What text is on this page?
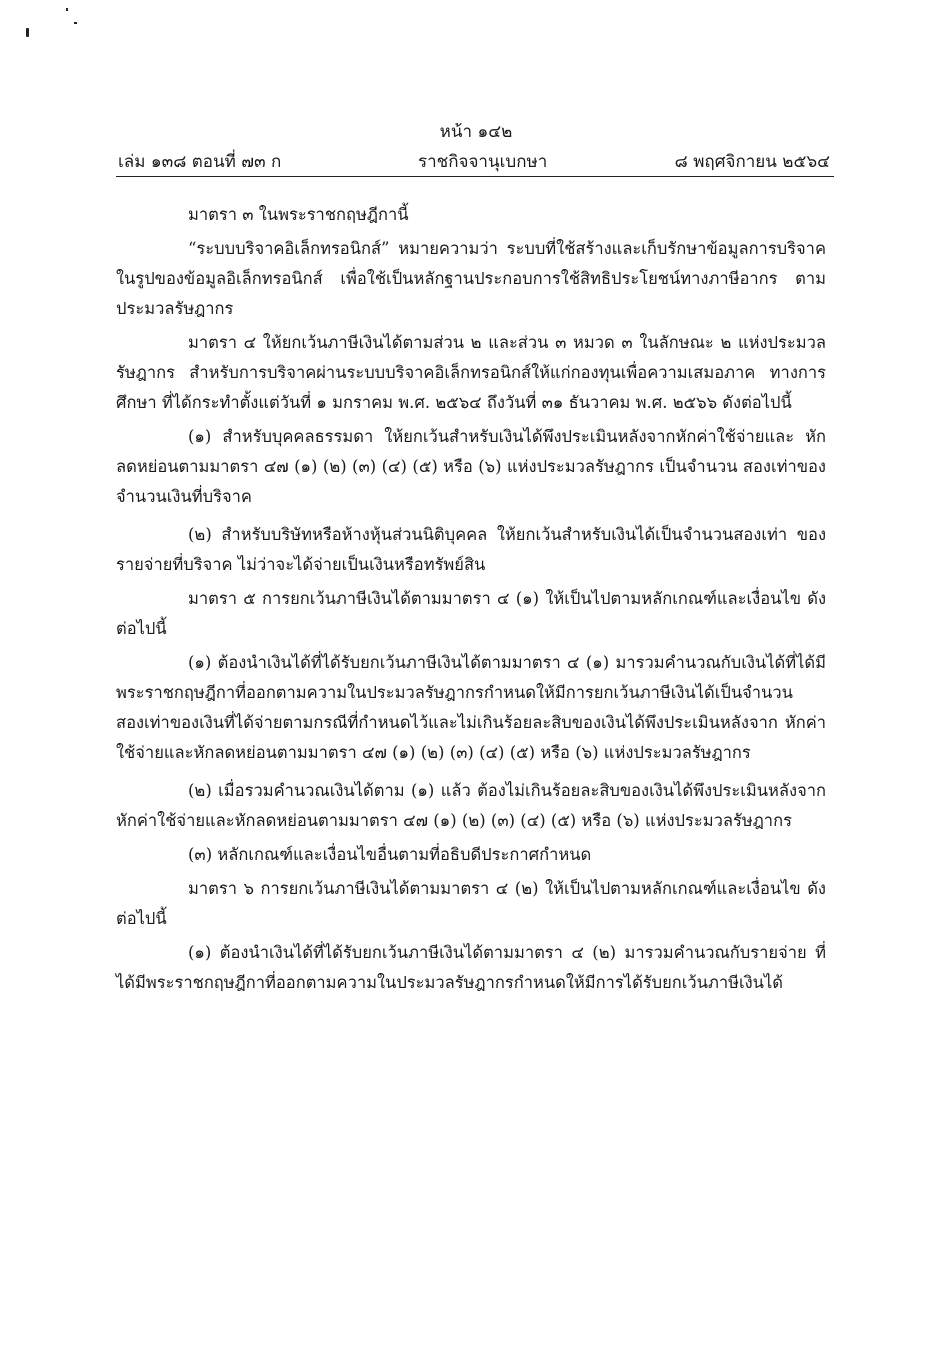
หน้า ๑๔๒
เล่ม ๑๓๘ ตอนที่ ๗๓ ก	ราชกิจจานุเบกษา	๘ พฤศจิกายน ๒๕๖๔

มาตรา ๓ ในพระราชกฤษฎีกานี้

“ระบบบริจาคอิเล็กทรอนิกส์” หมายความว่า ระบบที่ใช้สร้างและเก็บรักษาข้อมูลการบริจาค ในรูปของข้อมูลอิเล็กทรอนิกส์ เพื่อใช้เป็นหลักฐานประกอบการใช้สิทธิประโยชน์ทางภาษีอากร ตามประมวลรัษฎากร

มาตรา ๔ ให้ยกเว้นภาษีเงินได้ตามส่วน ๒ และส่วน ๓ หมวด ๓ ในลักษณะ ๒ แห่งประมวลรัษฎากร สำหรับการบริจาคผ่านระบบบริจาคอิเล็กทรอนิกส์ให้แก่กองทุนเพื่อความเสมอภาค ทางการศึกษา ที่ได้กระทำตั้งแต่วันที่ ๑ มกราคม พ.ศ. ๒๕๖๔ ถึงวันที่ ๓๑ ธันวาคม พ.ศ. ๒๕๖๖ ดังต่อไปนี้

(๑) สำหรับบุคคลธรรมดา ให้ยกเว้นสำหรับเงินได้พึงประเมินหลังจากหักค่าใช้จ่ายและ หักลดหย่อนตามมาตรา ๔๗ (๑) (๒) (๓) (๔) (๕) หรือ (๖) แห่งประมวลรัษฎากร เป็นจำนวน สองเท่าของจำนวนเงินที่บริจาค

(๒) สำหรับบริษัทหรือห้างหุ้นส่วนนิติบุคคล ให้ยกเว้นสำหรับเงินได้เป็นจำนวนสองเท่า ของรายจ่ายที่บริจาค ไม่ว่าจะได้จ่ายเป็นเงินหรือทรัพย์สิน

มาตรา ๕ การยกเว้นภาษีเงินได้ตามมาตรา ๔ (๑) ให้เป็นไปตามหลักเกณฑ์และเงื่อนไข ดังต่อไปนี้

(๑) ต้องนำเงินได้ที่ได้รับยกเว้นภาษีเงินได้ตามมาตรา ๔ (๑) มารวมคำนวณกับเงินได้ที่ได้มี พระราชกฤษฎีกาที่ออกตามความในประมวลรัษฎากรกำหนดให้มีการยกเว้นภาษีเงินได้เป็นจำนวน สองเท่าของเงินที่ได้จ่ายตามกรณีที่กำหนดไว้และไม่เกินร้อยละสิบของเงินได้พึงประเมินหลังจาก หักค่าใช้จ่ายและหักลดหย่อนตามมาตรา ๔๗ (๑) (๒) (๓) (๔) (๕) หรือ (๖) แห่งประมวลรัษฎากร

(๒) เมื่อรวมคำนวณเงินได้ตาม (๑) แล้ว ต้องไม่เกินร้อยละสิบของเงินได้พึงประเมินหลังจาก หักค่าใช้จ่ายและหักลดหย่อนตามมาตรา ๔๗ (๑) (๒) (๓) (๔) (๕) หรือ (๖) แห่งประมวลรัษฎากร

(๓) หลักเกณฑ์และเงื่อนไขอื่นตามที่อธิบดีประกาศกำหนด

มาตรา ๖ การยกเว้นภาษีเงินได้ตามมาตรา ๔ (๒) ให้เป็นไปตามหลักเกณฑ์และเงื่อนไข ดังต่อไปนี้

(๑) ต้องนำเงินได้ที่ได้รับยกเว้นภาษีเงินได้ตามมาตรา ๔ (๒) มารวมคำนวณกับรายจ่าย ที่ได้มีพระราชกฤษฎีกาที่ออกตามความในประมวลรัษฎากรกำหนดให้มีการได้รับยกเว้นภาษีเงินได้
